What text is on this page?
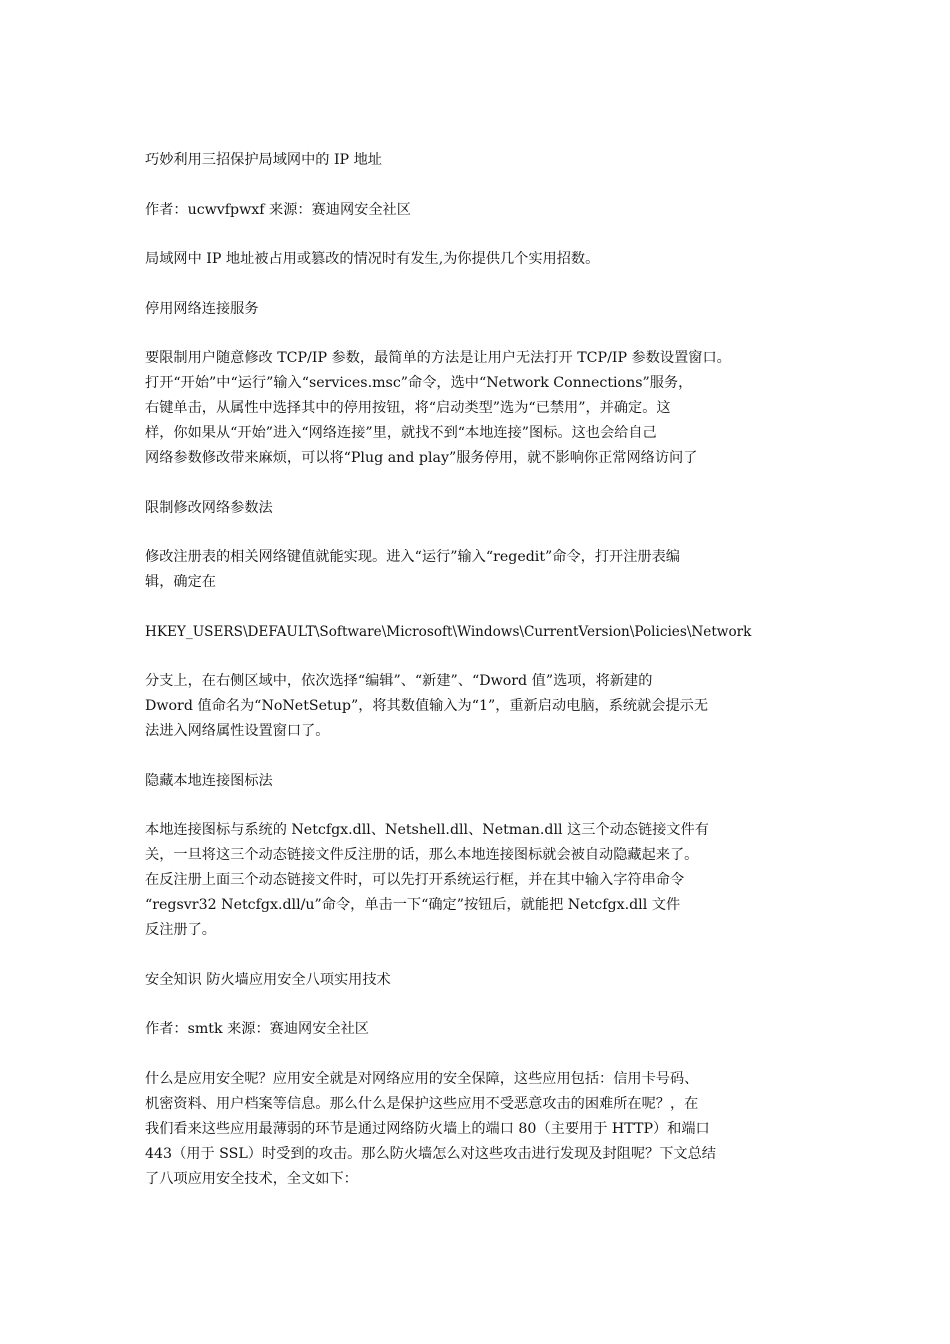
巧妙利用三招保护局域网中的 IP 地址

作者：ucwvfpwxf 来源：赛迪网安全社区

局域网中 IP 地址被占用或篡改的情况时有发生,为你提供几个实用招数。

停用网络连接服务

要限制用户随意修改 TCP/IP 参数，最简单的方法是让用户无法打开 TCP/IP 参数设置窗口。
打开“开始”中“运行”输入“services.msc”命令，选中“Network Connections”服务，
右键单击，从属性中选择其中的停用按钮，将“启动类型”选为“已禁用”，并确定。这
样，你如果从“开始”进入“网络连接”里，就找不到“本地连接”图标。这也会给自己
网络参数修改带来麻烦，可以将“Plug and play”服务停用，就不影响你正常网络访问了

限制修改网络参数法

修改注册表的相关网络键值就能实现。进入“运行”输入“regedit”命令，打开注册表编
辑，确定在

HKEY_USERS\DEFAULT\Software\Microsoft\Windows\CurrentVersion\Policies\Network

分支上，在右侧区域中，依次选择“编辑”、“新建”、“Dword 值”选项，将新建的
Dword 值命名为“NoNetSetup”，将其数值输入为“1”，重新启动电脑，系统就会提示无
法进入网络属性设置窗口了。

隐藏本地连接图标法

本地连接图标与系统的 Netcfgx.dll、Netshell.dll、Netman.dll 这三个动态链接文件有
关，一旦将这三个动态链接文件反注册的话，那么本地连接图标就会被自动隐藏起来了。
在反注册上面三个动态链接文件时，可以先打开系统运行框，并在其中输入字符串命令
“regsvr32 Netcfgx.dll/u”命令，单击一下“确定”按钮后，就能把 Netcfgx.dll 文件
反注册了。

安全知识 防火墙应用安全八项实用技术

作者：smtk 来源：赛迪网安全社区

什么是应用安全呢？应用安全就是对网络应用的安全保障，这些应用包括：信用卡号码、
机密资料、用户档案等信息。那么什么是保护这些应用不受恶意攻击的困难所在呢？，在
我们看来这些应用最薄弱的环节是通过网络防火墙上的端口 80（主要用于 HTTP）和端口
443（用于 SSL）时受到的攻击。那么防火墙怎么对这些攻击进行发现及封阻呢？下文总结
了八项应用安全技术，全文如下：
